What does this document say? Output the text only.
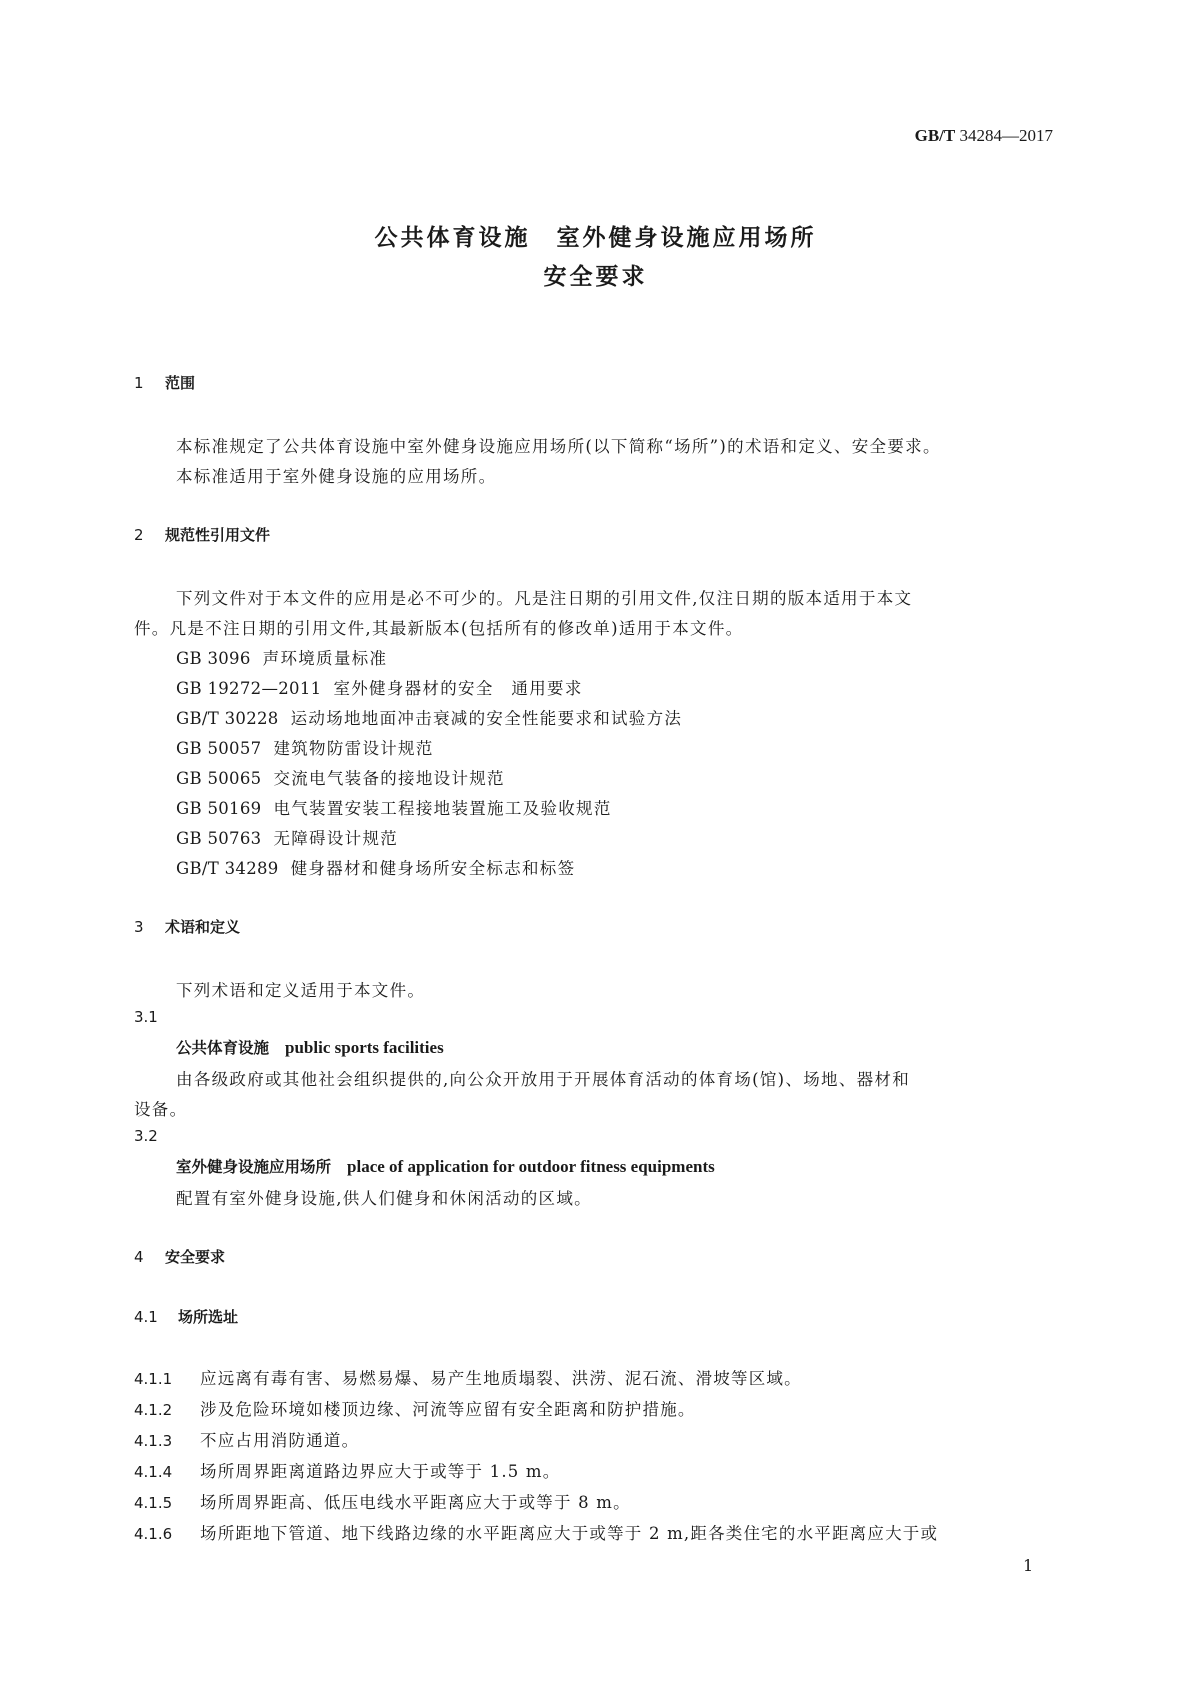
GB/T 34284—2017
公共体育设施　室外健身设施应用场所
安全要求
1 范围
本标准规定了公共体育设施中室外健身设施应用场所(以下简称“场所”)的术语和定义、安全要求。
本标准适用于室外健身设施的应用场所。
2 规范性引用文件
下列文件对于本文件的应用是必不可少的。凡是注日期的引用文件,仅注日期的版本适用于本文
件。凡是不注日期的引用文件,其最新版本(包括所有的修改单)适用于本文件。
GB 3096 声环境质量标准
GB 19272—2011 室外健身器材的安全　通用要求
GB/T 30228 运动场地地面冲击衰减的安全性能要求和试验方法
GB 50057 建筑物防雷设计规范
GB 50065 交流电气装备的接地设计规范
GB 50169 电气装置安装工程接地装置施工及验收规范
GB 50763 无障碍设计规范
GB/T 34289 健身器材和健身场所安全标志和标签
3 术语和定义
下列术语和定义适用于本文件。
3.1
公共体育设施 public sports facilities
由各级政府或其他社会组织提供的,向公众开放用于开展体育活动的体育场(馆)、场地、器材和
设备。
3.2
室外健身设施应用场所 place of application for outdoor fitness equipments
配置有室外健身设施,供人们健身和休闲活动的区域。
4 安全要求
4.1 场所选址
4.1.1 应远离有毒有害、易燃易爆、易产生地质塌裂、洪涝、泥石流、滑坡等区域。
4.1.2 涉及危险环境如楼顶边缘、河流等应留有安全距离和防护措施。
4.1.3 不应占用消防通道。
4.1.4 场所周界距离道路边界应大于或等于 1.5 m。
4.1.5 场所周界距高、低压电线水平距离应大于或等于 8 m。
4.1.6 场所距地下管道、地下线路边缘的水平距离应大于或等于 2 m,距各类住宅的水平距离应大于或
1
